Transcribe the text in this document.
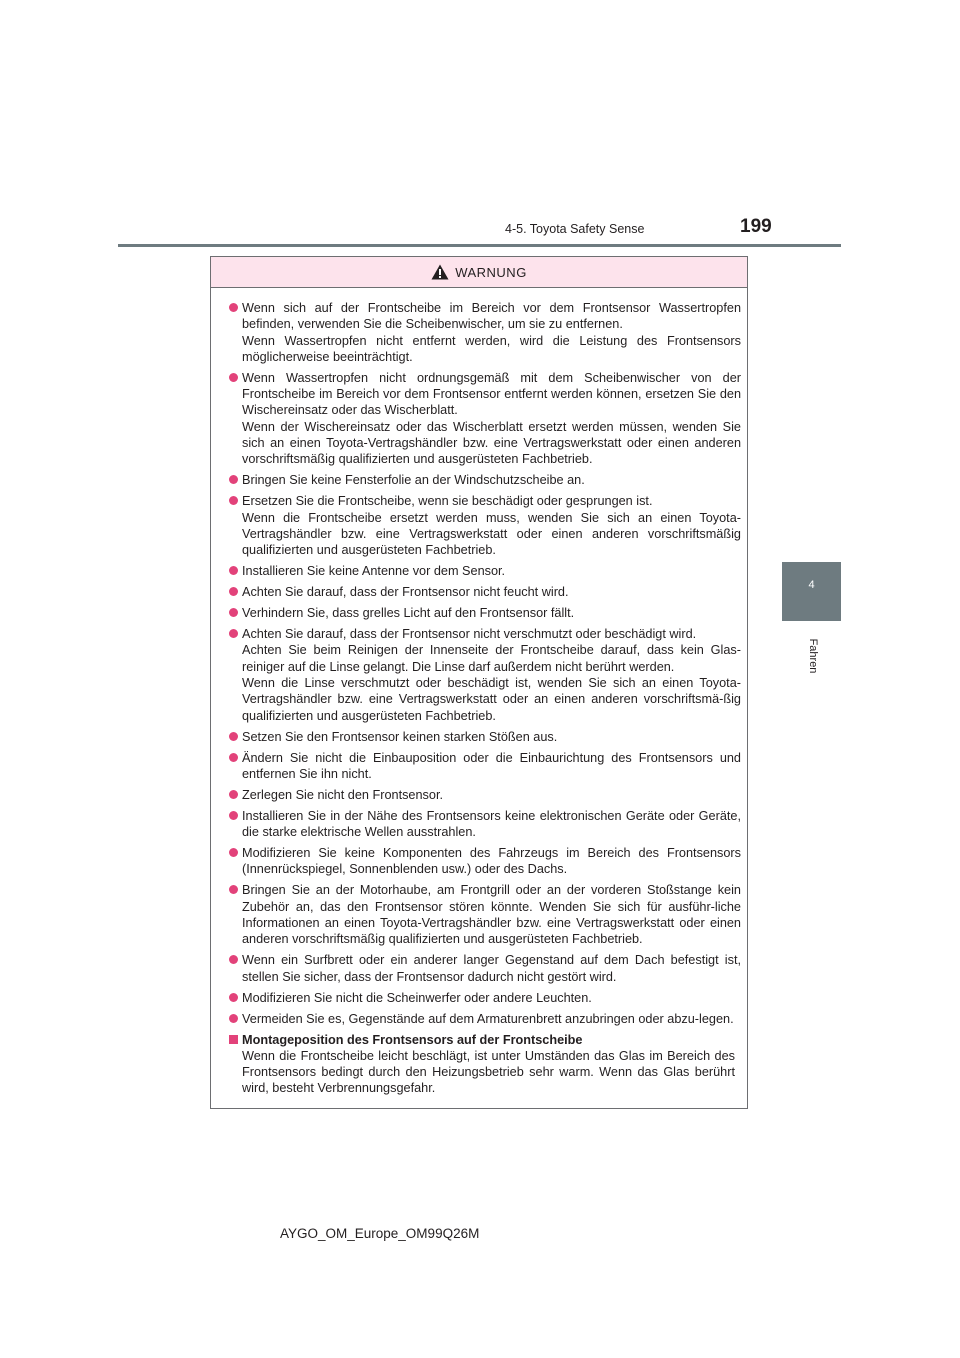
4-5. Toyota Safety Sense	199
4
Fahren
WARNUNG

Wenn sich auf der Frontscheibe im Bereich vor dem Frontsensor Wassertropfen befinden, verwenden Sie die Scheibenwischer, um sie zu entfernen.

Wenn Wassertropfen nicht entfernt werden, wird die Leistung des Frontsensors möglicherweise beeinträchtigt.

Wenn Wassertropfen nicht ordnungsgemäß mit dem Scheibenwischer von der Frontscheibe im Bereich vor dem Frontsensor entfernt werden können, ersetzen Sie den Wischereinsatz oder das Wischerblatt.

Wenn der Wischereinsatz oder das Wischerblatt ersetzt werden müssen, wenden Sie sich an einen Toyota-Vertragshändler bzw. eine Vertragswerkstatt oder einen anderen vorschriftsmäßig qualifizierten und ausgerüsteten Fachbetrieb.

Bringen Sie keine Fensterfolie an der Windschutzscheibe an.

Ersetzen Sie die Frontscheibe, wenn sie beschädigt oder gesprungen ist.

Wenn die Frontscheibe ersetzt werden muss, wenden Sie sich an einen Toyota-Vertragshändler bzw. eine Vertragswerkstatt oder einen anderen vorschriftsmäßig qualifizierten und ausgerüsteten Fachbetrieb.

Installieren Sie keine Antenne vor dem Sensor.

Achten Sie darauf, dass der Frontsensor nicht feucht wird.

Verhindern Sie, dass grelles Licht auf den Frontsensor fällt.

Achten Sie darauf, dass der Frontsensor nicht verschmutzt oder beschädigt wird.

Achten Sie beim Reinigen der Innenseite der Frontscheibe darauf, dass kein Glas-reiniger auf die Linse gelangt. Die Linse darf außerdem nicht berührt werden.

Wenn die Linse verschmutzt oder beschädigt ist, wenden Sie sich an einen Toyota-Vertragshändler bzw. eine Vertragswerkstatt oder an einen anderen vorschriftsmä-ßig qualifizierten und ausgerüsteten Fachbetrieb.

Setzen Sie den Frontsensor keinen starken Stößen aus.

Ändern Sie nicht die Einbauposition oder die Einbaurichtung des Frontsensors und entfernen Sie ihn nicht.

Zerlegen Sie nicht den Frontsensor.

Installieren Sie in der Nähe des Frontsensors keine elektronischen Geräte oder Geräte, die starke elektrische Wellen ausstrahlen.

Modifizieren Sie keine Komponenten des Fahrzeugs im Bereich des Frontsensors (Innenrückspiegel, Sonnenblenden usw.) oder des Dachs.

Bringen Sie an der Motorhaube, am Frontgrill oder an der vorderen Stoßstange kein Zubehör an, das den Frontsensor stören könnte. Wenden Sie sich für ausführ-liche Informationen an einen Toyota-Vertragshändler bzw. eine Vertragswerkstatt oder einen anderen vorschriftsmäßig qualifizierten und ausgerüsteten Fachbetrieb.

Wenn ein Surfbrett oder ein anderer langer Gegenstand auf dem Dach befestigt ist, stellen Sie sicher, dass der Frontsensor dadurch nicht gestört wird.

Modifizieren Sie nicht die Scheinwerfer oder andere Leuchten.

Vermeiden Sie es, Gegenstände auf dem Armaturenbrett anzubringen oder abzu-legen.

Montageposition des Frontsensors auf der Frontscheibe

Wenn die Frontscheibe leicht beschlägt, ist unter Umständen das Glas im Bereich des Frontsensors bedingt durch den Heizungsbetrieb sehr warm. Wenn das Glas berührt wird, besteht Verbrennungsgefahr.

AYGO_OM_Europe_OM99Q26M
